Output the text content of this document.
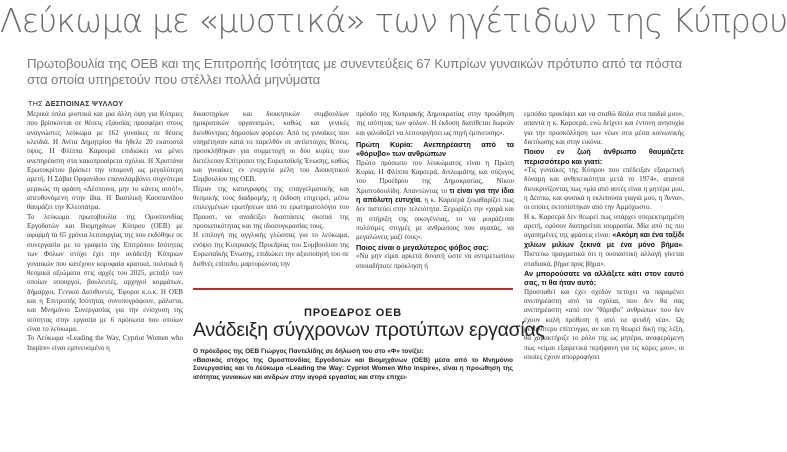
Λεύκωμα με «μυστικά» των ηγέτιδων της Κύπρου
Πρωτοβουλία της ΟΕΒ και της Επιτροπής Ισότητας με συνεντεύξεις 67 Κυπρίων γυναικών πρότυπο από τα πόστα στα οποία υπηρετούν που στέλλει πολλά μηνύματα
ΤΗΣ ΔΕΣΠΟΙΝΑΣ ΨΥΛΛΟΥ

Μερικά όπλα μυστικά και μια άλλη όψη για Κύπριες που βρίσκονται σε θέσεις εξουσίας προσφέρει στους αναγνώστες λεύκωμα με 162 γυναίκες σε θέσεις κλειδιά. Η Ανίτα Δημητρίου θα ήθελε 20 εκατοστά ύψος, Η Φλίππα Καρσερά επιδιώκει να μένει ανεπηρέαστη στα κακοπροαίρετα σχόλια. Η Χριστάνα Ερωτοκρίτου βρίσκει την υπομονή ως μεγαλύτερη αρετή. Η Σάβια Ορφανίδου επαναλαμβάνει συχνότερα μερικώς τη φράση «Δέσποινα, μην το κάνεις αυτό!», απευθυνόμενη στην ίδια. Η Βασιλική Κασσιανίδου θαυμάζει την Κλεοπάτρα.

Το λεύκωμα πρωτοβουλία της Ομοσπονδίας Εργοδοτών και Βιομηχάνων Κύπρου (ΟΕΒ) με αφορμή τα 65 χρόνια λειτουργίας της που εκδόθηκε σε συνεργασία με το γραφείο της Επιτρόπου Ισότητας των Φύλων στόχο έχει την ανάδειξη Κύπριων γυναικών που κατέχουν κορυφαία κρατικά, πολιτικά ή θεσμικά αξιώματα στις αρχές του 2025, μεταξύ των οποίων υπουργοί, βουλευτές, αρχηγοί κομμάτων, δήμαρχοι, Γενικοί Διευθυντές, Έφοροι κ.ο.κ. Η ΟΕΒ και η Επιτροπής Ισότητας συνυπογράφουν, μάλιστα, και Μνημόνιο Συνεργασίας για την ενίσχυση της ισότητας στην εργασία με 6 πρόσωπα που οποίων είναι το λεύκωμα.

Το Λεύκωμα «Leading the Way, Cypriot Women who Inspire» είναι εμπνευσμένο η

δικαστηρίων και διοικητικών συμβουλίων ημικρατικών οργανισμών, καθώς και γενικές διευθύντριες δημοσίων φορέων. Από τις γυναίκες που υπηρέτησαν κατά το παρελθόν σε αντίστοιχες θέσεις, προσκλήθηκαν για συμμετοχή οι δύο κυρίες που διετέλεσαν Επίτροποι της Ευρωπαϊκής Ένωσης, καθώς και γυναίκες εν ενεργεία μέλη του Διοικητικού Συμβουλίου της ΟΕΒ.

Πέραν της καταγραφής της επαγγελματικής και θεσμικής τους διαδρομής, η έκδοση επιχειρεί, μέσω επιλεγμένων ερωτήσεων από το ερωτηματολόγιο του Προυστ, να αναδείξει διαστάσεις σκοπιά της προσωπικότητας και της ιδιοσυγκρασίας τους.

Η επιλογή της αγγλικής γλώσσας για το λεύκωμα, ενόψει της Κυπριακής Προεδρίας του Συμβουλίου της Ευρωπαϊκής Ένωσης, επιδιώκει την αξιοποίησή του σε διεθνές επίπεδο, μαρτυρώντας την

πρόοδο της Κυπριακής Δημοκρατίας στην προώθηση της ισότητας των φύλων. Η έκδοση διατίθεται δωρεάν και φιλοδοξεί να λειτουργήσει ως πηγή έμπνευσης».

Πρώτη Κυρία: Ανεπηρέαστη από τα «θόρυβο» των ανθρώπων

Πρώτο πρόσωπο του λευκώματος είναι η Πρώτη Κυρία, Η Φλίππα Καρσερά, διπλωμάτης και σύζυγος του Προέδρου της Δημοκρατίας, Νίκου Χριστοδουλίδη. Απαντώντας το τι είναι για την ίδια η απόλυτη ευτυχία, η κ. Καρσερά ξεκαθαρίζει πως δεν πιστεύει στην τελειότητα. Ξεχωρίζει την «χαρά και τη στήριξη της οικογένειας, το να μοιράζεσαι πολύτιμες στιγμές με ανθρώπους που αγαπάς, να μεγαλώνεις μαζί τους».

Ποιος είναι ο μεγαλύτερος φόβος σας:

«Να μην είμαι αρκετά δυνατή ώστε να αντιμετωπίσω οποιαδήποτε πρόκληση ή

εμπόδιο προκύψει και να σταθώ δίπλα στα παιδιά μου», απαντά η κ. Καρσερά, ενώ δείχνει και έντονη ανησυχία για την προσκόλληση των νέων στα μέσα κοινωνικής δικτύωσης και στην εικόνα.

Ποιον εν ζωή άνθρωπο θαυμάζετε περισσότερο και γιατί:

«Τις γυναίκες της Κύπρου που επέδειξαν εξαιρετική δύναμη και ανθεκτικότητα μετά το 1974», απαντά διευκρινίζοντας πως «μία από αυτές είναι η μητέρα μου, η Δέσπω, και φυσικά η εκλιπούσα γιαγιά μου, η Άννα», οι οποίες εκτοπίστηκαν από την Αμμόχωστο.

Η κ. Καρσερά δεν θεωρεί πως υπάρχει υπερεκτιμημένη αρετή, εφόσον διατηρείται ισορροπία. Μία από τις πιο αγαπημένες της φράσεις είναι: «Ακόμη και ένα ταξίδι χιλίων μιλίων ξεκινά με ένα μόνο βήμα». Πιστεύω πραγματικά ότι η ουσιαστική αλλαγή γίνεται σταδιακά, βήμα προς βήμα».

Αν μπορούσατε να αλλάξετε κάτι στον εαυτό σας, τι θα ήταν αυτό:

Προσπαθεί και έχει σχεδόν πετύχει να παραμένει ανεπηρέαστη από τα σχόλια, που δεν θα σας ανεπηρέαστη «από τον "θόρυβο" ανθρώπων που δεν έχουν καλή πρόθεση ή από τα ψευδή νέα». Ως μεγαλύτερο επίτευγμα, αν και τη θεωρεί δική της λέξη, θα χαρακτήριζε το ρόλο της ως μητέρα, αναφερόμενη πως «είμαι εξαιρετικά περήφανη για τις κόρες μου», οι οποίες έχουν απορροφήσει

ΠΡΟΕΔΡΟΣ ΟΕΒ
Ανάδειξη σύγχρονων προτύπων εργασίας
Ο πρόεδρος της ΟΕΒ Γιώργος Παντελίδης σε δήλωσή του στο «Φ» τονίζει:
«Βασικός στόχος της Ομοσπονδίας Εργοδοτών και Βιομηχάνων (ΟΕΒ) μέσα από το Μνημόνιο Συνεργασίας και το Λεύκωμα «Leading the Way: Cypriot Women Who Inspire», είναι η προώθηση της ισότητας γυναικών και ανδρών στην αγορά εργασίας και στην επιχει-
